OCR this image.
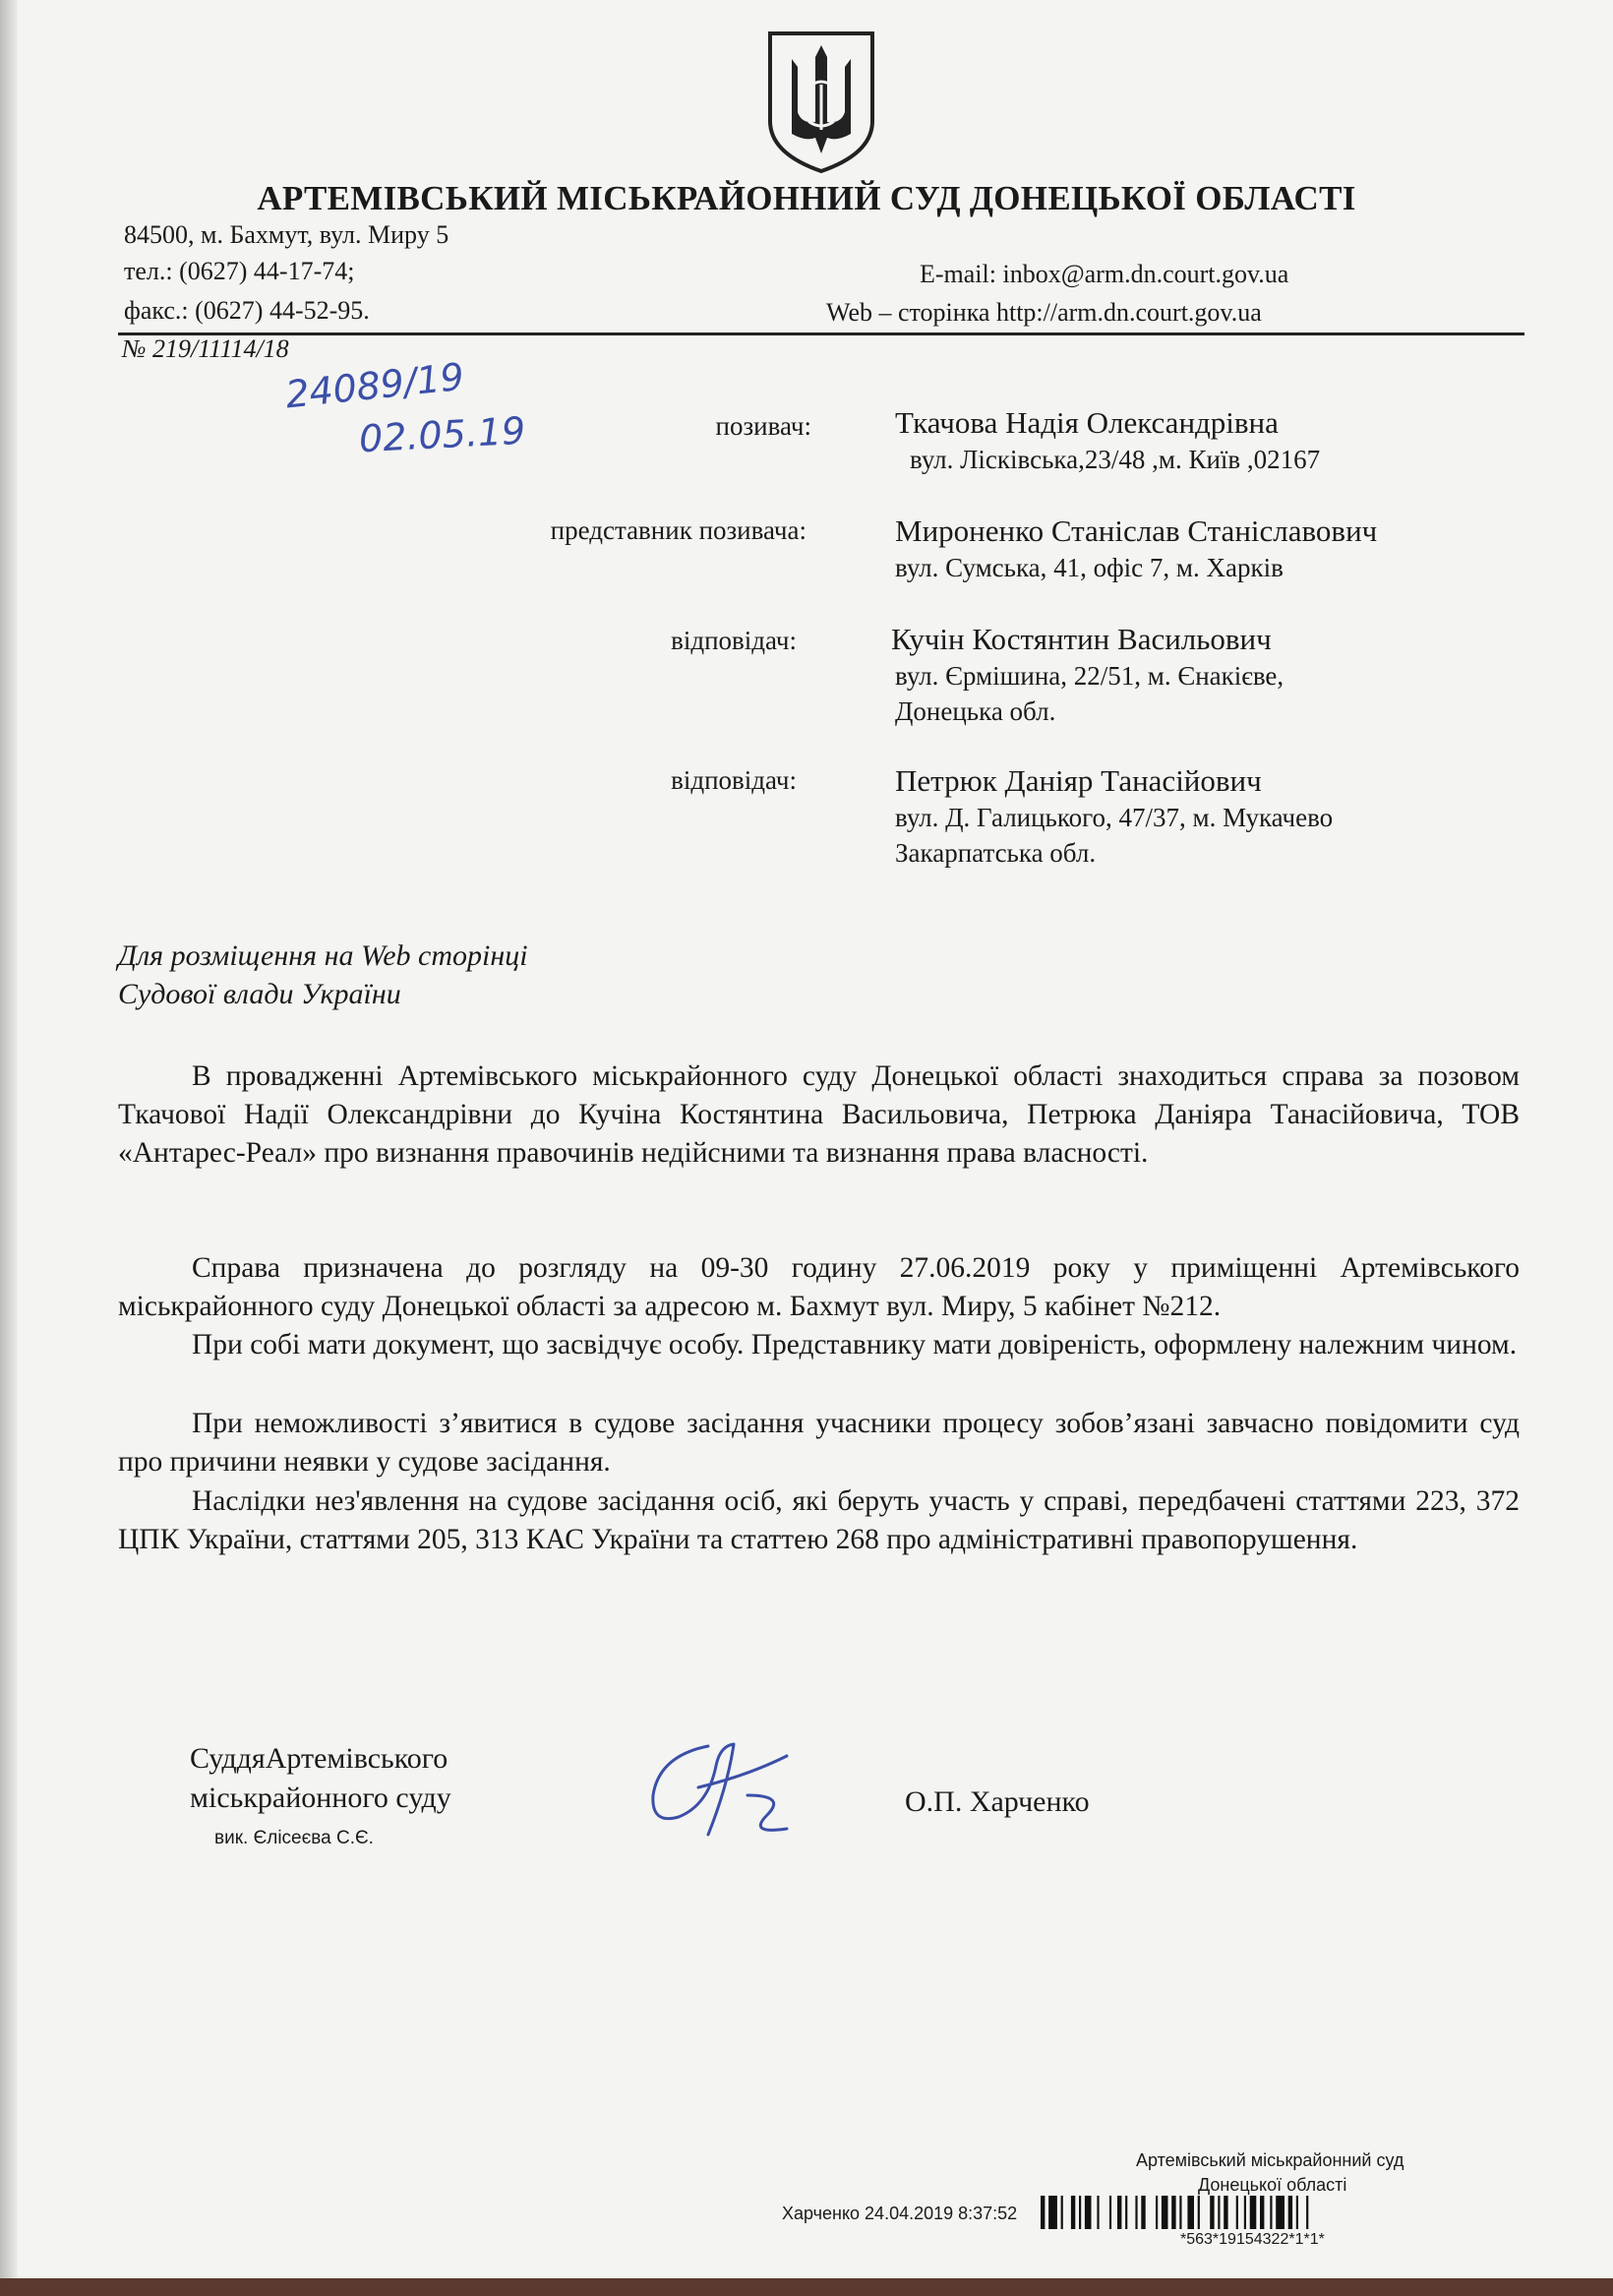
АРТЕМІВСЬКИЙ МІСЬКРАЙОННИЙ СУД ДОНЕЦЬКОЇ ОБЛАСТІ
84500, м. Бахмут, вул. Миру 5
тел.: (0627) 44-17-74;
факс.: (0627) 44-52-95.
E-mail: inbox@arm.dn.court.gov.ua
Web – сторінка http://arm.dn.court.gov.ua
№ 219/11114/18
24089/19
02.05.19	позивач:	Ткачова Надія Олександрівна
вул. Лісківська,23/48 ,м. Київ ,02167
представник позивача:	Мироненко Станіслав Станіславович
вул. Сумська, 41, офіс 7, м. Харків
відповідач:	Кучін Костянтин Васильович
вул. Єрмішина, 22/51, м. Єнакієве,
Донецька обл.
відповідач:	Петрюк Даніяр Танасійович
вул. Д. Галицького, 47/37, м. Мукачево
Закарпатська обл.
Для розміщення на Web сторінці
Судової влади України

В провадженні Артемівського міськрайонного суду Донецької області знаходиться справа за позовом Ткачової Надії Олександрівни до Кучіна Костянтина Васильовича, Петрюка Даніяра Танасійовича, ТОВ «Антарес-Реал» про визнання правочинів недійсними та визнання права власності.

Справа призначена до розгляду на 09-30 годину 27.06.2019 року у приміщенні Артемівського міськрайонного суду Донецької області за адресою м. Бахмут вул. Миру, 5 кабінет №212.

При собі мати документ, що засвідчує особу. Представнику мати довіреність, оформлену належним чином.

При неможливості з’явитися в судове засідання учасники процесу зобов’язані завчасно повідомити суд про причини неявки у судове засідання.

Наслідки нез'явлення на судове засідання осіб, які беруть участь у справі, передбачені статтями 223, 372 ЦПК України, статтями 205, 313 КАС України та статтею 268 про адміністративні правопорушення.

СуддяАртемівського
міськрайонного суду
вик. Єлісеєва С.Є.
О.П. Харченко
Артемівський міськрайонний суд
Донецької області
Харченко 24.04.2019 8:37:52
*563*19154322*1*1*
